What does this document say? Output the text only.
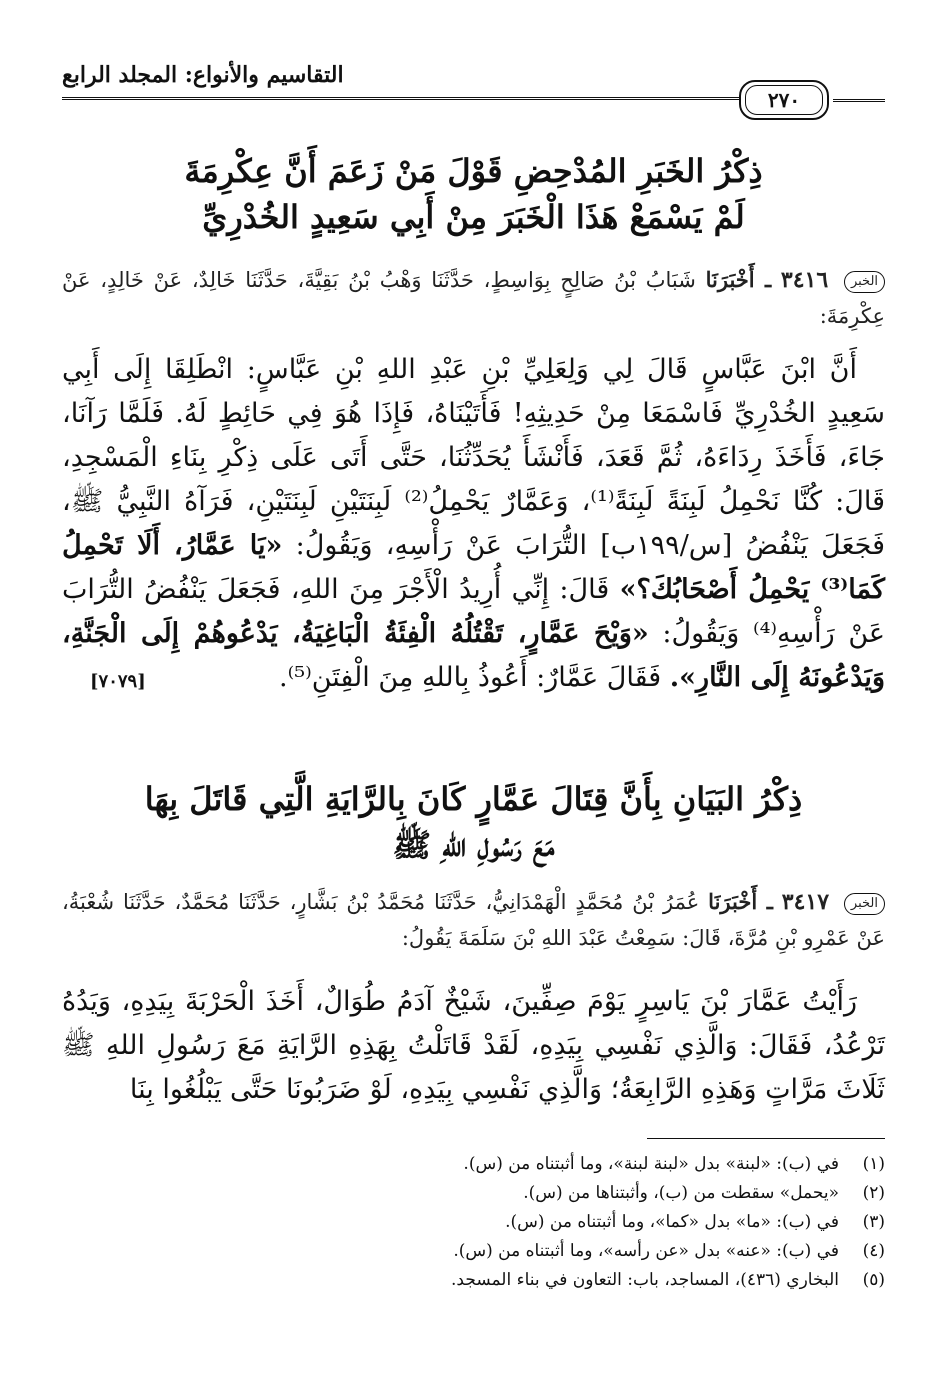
التقاسيم والأنواع: المجلد الرابع
٢٧٠
ذِكْرُ الخَبَرِ المُدْحِضِ قَوْلَ مَنْ زَعَمَ أَنَّ عِكْرِمَةَ
لَمْ يَسْمَعْ هَذَا الْخَبَرَ مِنْ أَبِي سَعِيدٍ الخُدْرِيِّ
الخبر ٣٤١٦ ـ أَخْبَرَنَا شَبَابُ بْنُ صَالِحٍ بِوَاسِطٍ، حَدَّثَنَا وَهْبُ بْنُ بَقِيَّةَ، حَدَّثَنَا خَالِدٌ، عَنْ خَالِدٍ، عَنْ عِكْرِمَةَ:

أَنَّ ابْنَ عَبَّاسٍ قَالَ لِي وَلِعَلِيِّ بْنِ عَبْدِ اللهِ بْنِ عَبَّاسٍ: انْطَلِقَا إِلَى أَبِي سَعِيدٍ الخُدْرِيِّ فَاسْمَعَا مِنْ حَدِيثِهِ! فَأَتَيْنَاهُ، فَإِذَا هُوَ فِي حَائِطٍ لَهُ. فَلَمَّا رَآنَا، جَاءَ، فَأَخَذَ رِدَاءَهُ، ثُمَّ قَعَدَ، فَأَنْشَأَ يُحَدِّثُنَا، حَتَّى أَتَى عَلَى ذِكْرِ بِنَاءِ الْمَسْجِدِ، قَالَ: كُنَّا نَحْمِلُ لَبِنَةً لَبِنَةً⁽¹⁾، وَعَمَّارٌ يَحْمِلُ⁽²⁾ لَبِنَتَيْنِ لَبِنَتَيْنِ، فَرَآهُ النَّبِيُّ ﷺ، فَجَعَلَ يَنْفُضُ [س/١٩٩ب] التُّرَابَ عَنْ رَأْسِهِ، وَيَقُولُ: «يَا عَمَّارُ، أَلَا تَحْمِلُ كَمَا⁽³⁾ يَحْمِلُ أَصْحَابُكَ؟» قَالَ: إِنِّي أُرِيدُ الْأَجْرَ مِنَ اللهِ، فَجَعَلَ يَنْفُضُ التُّرَابَ عَنْ رَأْسِهِ⁽⁴⁾ وَيَقُولُ: «وَيْحَ عَمَّارٍ، تَقْتُلُهُ الْفِئَةُ الْبَاغِيَةُ، يَدْعُوهُمْ إِلَى الْجَنَّةِ، وَيَدْعُونَهُ إِلَى النَّارِ». فَقَالَ عَمَّارٌ: أَعُوذُ بِاللهِ مِنَ الْفِتَنِ⁽⁵⁾.
[٧٠٧٩]

ذِكْرُ البَيَانِ بِأَنَّ قِتَالَ عَمَّارٍ كَانَ بِالرَّايَةِ الَّتِي قَاتَلَ بِهَا
مَعَ رَسُولِ اللهِ ﷺ
الخبر ٣٤١٧ ـ أَخْبَرَنَا عُمَرُ بْنُ مُحَمَّدٍ الْهَمْدَانِيُّ، حَدَّثَنَا مُحَمَّدُ بْنُ بَشَّارٍ، حَدَّثَنَا مُحَمَّدٌ، حَدَّثَنَا شُعْبَةُ، عَنْ عَمْرِو بْنِ مُرَّةَ، قَالَ: سَمِعْتُ عَبْدَ اللهِ بْنَ سَلَمَةَ يَقُولُ:

رَأَيْتُ عَمَّارَ بْنَ يَاسِرٍ يَوْمَ صِفِّينَ، شَيْخٌ آدَمُ طُوَالٌ، أَخَذَ الْحَرْبَةَ بِيَدِهِ، وَيَدُهُ تَرْعُدُ، فَقَالَ: وَالَّذِي نَفْسِي بِيَدِهِ، لَقَدْ قَاتَلْتُ بِهَذِهِ الرَّايَةِ مَعَ رَسُولِ اللهِ ﷺ ثَلَاثَ مَرَّاتٍ وَهَذِهِ الرَّابِعَةُ؛ وَالَّذِي نَفْسِي بِيَدِهِ، لَوْ ضَرَبُونَا حَتَّى يَبْلُغُوا بِنَا

(١)
في (ب): «لبنة» بدل «لبنة لبنة»، وما أثبتناه من (س).
(٢)
«يحمل» سقطت من (ب)، وأثبتناها من (س).
(٣)
في (ب): «ما» بدل «كما»، وما أثبتناه من (س).
(٤)
في (ب): «عنه» بدل «عن رأسه»، وما أثبتناه من (س).
(٥)
البخاري (٤٣٦)، المساجد، باب: التعاون في بناء المسجد.
